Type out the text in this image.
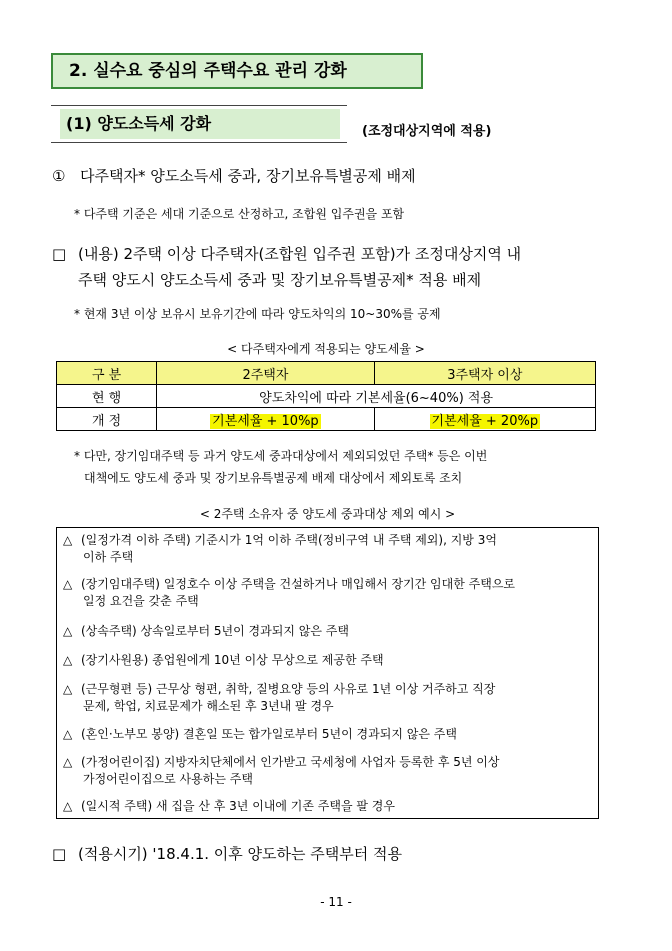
2. 실수요 중심의 주택수요 관리 강화
(1) 양도소득세 강화	(조정대상지역에 적용)
① 다주택자* 양도소득세 중과, 장기보유특별공제 배제
* 다주택 기준은 세대 기준으로 산정하고, 조합원 입주권을 포함
□ (내용) 2주택 이상 다주택자(조합원 입주권 포함)가 조정대상지역 내
주택 양도시 양도소득세 중과 및 장기보유특별공제* 적용 배제
* 현재 3년 이상 보유시 보유기간에 따라 양도차익의 10~30%를 공제
< 다주택자에게 적용되는 양도세율 >
구 분	2주택자	3주택자 이상
현 행	양도차익에 따라 기본세율(6~40%) 적용	
개 정	기본세율 + 10%p	기본세율 + 20%p
* 다만, 장기임대주택 등 과거 양도세 중과대상에서 제외되었던 주택* 등은 이번
대책에도 양도세 중과 및 장기보유특별공제 배제 대상에서 제외토록 조치
< 2주택 소유자 중 양도세 중과대상 제외 예시 >
△ (일정가격 이하 주택) 기준시가 1억 이하 주택(정비구역 내 주택 제외), 지방 3억
이하 주택
△ (장기임대주택) 일정호수 이상 주택을 건설하거나 매입해서 장기간 임대한 주택으로
일정 요건을 갖춘 주택
△ (상속주택) 상속일로부터 5년이 경과되지 않은 주택
△ (장기사원용) 종업원에게 10년 이상 무상으로 제공한 주택
△ (근무형편 등) 근무상 형편, 취학, 질병요양 등의 사유로 1년 이상 거주하고 직장
문제, 학업, 치료문제가 해소된 후 3년내 팔 경우
△ (혼인·노부모 봉양) 결혼일 또는 합가일로부터 5년이 경과되지 않은 주택
△ (가정어린이집) 지방자치단체에서 인가받고 국세청에 사업자 등록한 후 5년 이상
가정어린이집으로 사용하는 주택
△ (일시적 주택) 새 집을 산 후 3년 이내에 기존 주택을 팔 경우
□ (적용시기) '18.4.1. 이후 양도하는 주택부터 적용
- 11 -
